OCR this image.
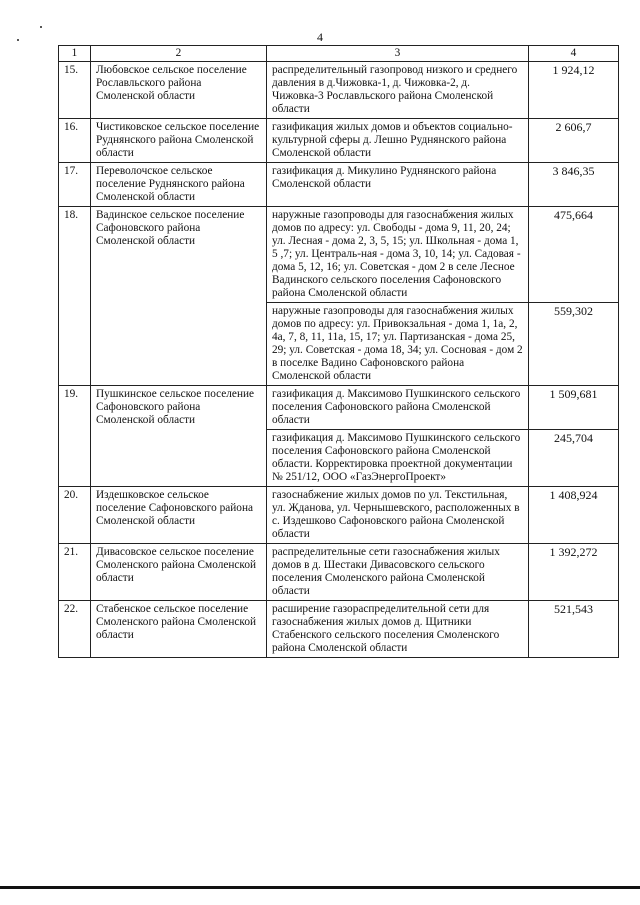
4
1	2	3	4
15.	Любовское сельское поселение Рославльского района Смоленской области	распределительный газопровод низкого и среднего давления в д.Чижовка-1, д. Чижовка-2, д. Чижовка-3 Рославльского района Смоленской области	1 924,12
16.	Чистиковское сельское поселение Руднянского района Смоленской области	газификация жилых домов и объектов социально-культурной сферы д. Лешно Руднянского района Смоленской области	2 606,7
17.	Переволочское сельское поселение Руднянского района Смоленской области	газификация д. Микулино Руднянского района Смоленской области	3 846,35
18.	Вадинское сельское поселение Сафоновского района Смоленской области	наружные газопроводы для газоснабжения жилых домов по адресу: ул. Свободы - дома 9, 11, 20, 24; ул. Лесная - дома 2, 3, 5, 15; ул. Школьная - дома 1, 5 ,7; ул. Централь-ная - дома 3, 10, 14; ул. Садовая - дома 5, 12, 16; ул. Советская - дом 2 в селе Лесное Вадинского сельского поселения Сафоновского района Смоленской области	475,664
		наружные газопроводы для газоснабжения жилых домов по адресу: ул. Привокзальная - дома 1, 1а, 2, 4а, 7, 8, 11, 11а, 15, 17; ул. Партизанская - дома 25, 29; ул. Советская - дома 18, 34; ул. Сосновая - дом 2 в поселке Вадино Сафоновского района Смоленской области	559,302
19.	Пушкинское сельское поселение Сафоновского района Смоленской области	газификация д. Максимово Пушкинского сельского поселения Сафоновского района Смоленской области	1 509,681
		газификация д. Максимово Пушкинского сельского поселения Сафоновского района Смоленской области. Корректировка проектной документации № 251/12, ООО «ГазЭнергоПроект»	245,704
20.	Издешковское сельское поселение Сафоновского района Смоленской области	газоснабжение жилых домов по ул. Текстильная, ул. Жданова, ул. Чернышевского, расположенных в с. Издешково Сафоновского района Смоленской области	1 408,924
21.	Дивасовское сельское поселение Смоленского района Смоленской области	распределительные сети газоснабжения жилых домов в д. Шестаки Дивасовского сельского поселения Смоленского района Смоленской области	1 392,272
22.	Стабенское сельское поселение Смоленского района Смоленской области	расширение газораспределительной сети для газоснабжения жилых домов д. Щитники Стабенского сельского поселения Смоленского района Смоленской области	521,543
